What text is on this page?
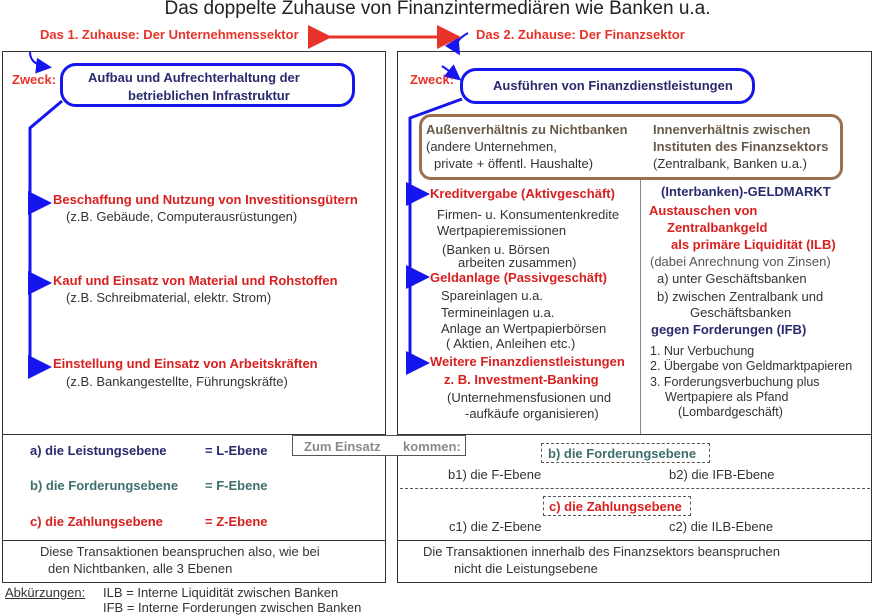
Das doppelte Zuhause von Finanzintermediären wie Banken u.a.
Das 1. Zuhause: Der Unternehmenssektor
Zweck: Aufbau und Aufrechterhaltung der
betrieblichen Infrastruktur
Beschaffung und Nutzung von Investitionsgütern
(z.B. Gebäude, Computerausrüstungen)
Kauf und Einsatz von Material und Rohstoffen
(z.B. Schreibmaterial, elektr. Strom)
Einstellung und Einsatz von Arbeitskräften
(z.B. Bankangestellte, Führungskräfte)
a) die Leistungsebene	= L-Ebene
b) die Forderungsebene = F-Ebene
c) die Zahlungsebene	= Z-Ebene
Diese Transaktionen beanspruchen also, wie bei
den Nichtbanken, alle 3 Ebenen
Das 2. Zuhause: Der Finanzsektor
Zweck:	Ausführen von Finanzdienstleistungen
Außenverhältnis zu Nichtbanken
(andere Unternehmen,
private + öffentl. Haushalte)
Innenverhältnis zwischen
Instituten des Finanzsektors
(Zentralbank, Banken u.a.)
Kreditvergabe (Aktivgeschäft)
Firmen- u. Konsumentenkredite
Wertpapieremissionen
(Banken u. Börsen
arbeiten zusammen)
Geldanlage (Passivgeschäft)
Spareinlagen u.a.
Termineinlagen u.a.
Anlage an Wertpapierbörsen
( Aktien, Anleihen etc.)
Weitere Finanzdienstleistungen
z. B. Investment-Banking
(Unternehmensfusionen und
-aufkäufe organisieren)
(Interbanken)-GELDMARKT
Austauschen von
Zentralbankgeld
als primäre Liquidität (ILB)
(dabei Anrechnung von Zinsen)
a) unter Geschäftsbanken
b) zwischen Zentralbank und
Geschäftsbanken
gegen Forderungen (IFB)
1. Nur Verbuchung
2. Übergabe von Geldmarktpapieren
3. Forderungsverbuchung plus
Wertpapiere als Pfand
(Lombardgeschäft)
Zum Einsatz kommen:	b) die Forderungsebene
b1) die F-Ebene	b2) die IFB-Ebene
c) die Zahlungsebene
c1) die Z-Ebene	c2) die ILB-Ebene
Die Transaktionen innerhalb des Finanzsektors beanspruchen
nicht die Leistungsebene
Abkürzungen: ILB = Interne Liquidität zwischen Banken
IFB = Interne Forderungen zwischen Banken
